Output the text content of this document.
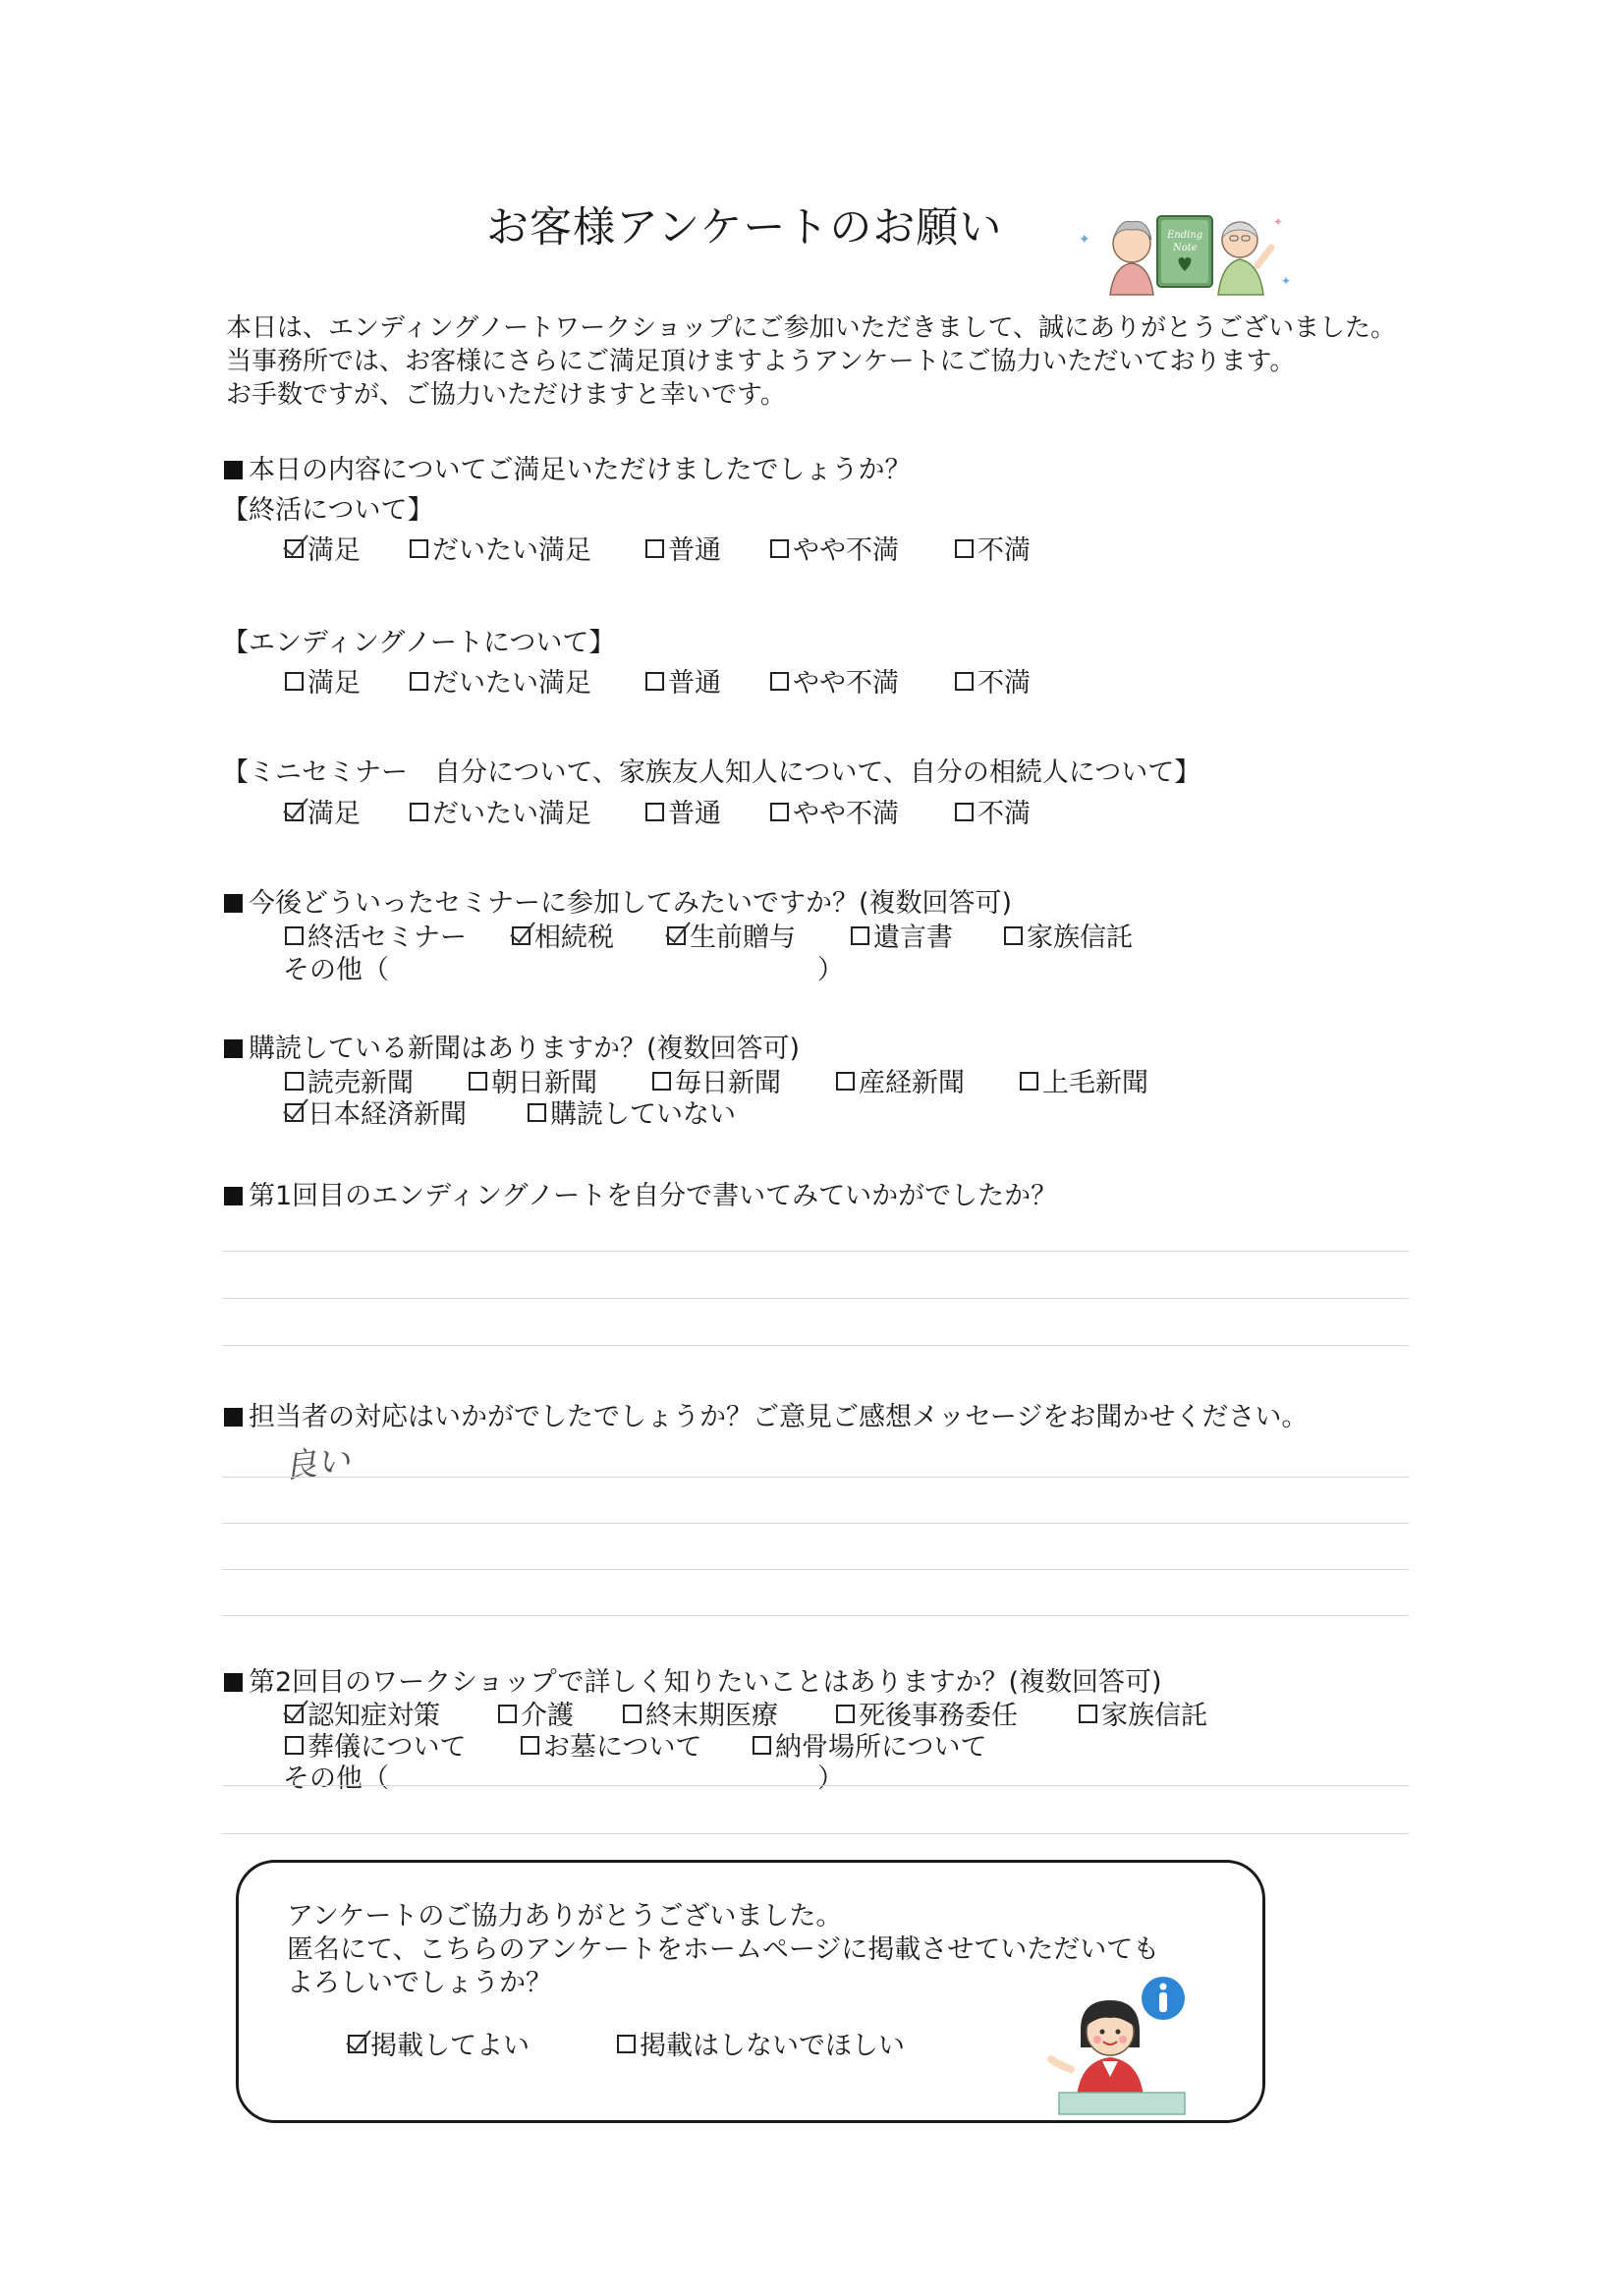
お客様アンケートのお願い	✦
✦
✦
Ending
Note
本日は、エンディングノートワークショップにご参加いただきまして、誠にありがとうございました。
当事務所では、お客様にさらにご満足頂けますようアンケートにご協力いただいております。
お手数ですが、ご協力いただけますと幸いです。
本日の内容についてご満足いただけましたでしょうか？
【終活について】
満足	だいたい満足	普通	やや不満	不満
【エンディングノートについて】
満足	だいたい満足	普通	やや不満	不満
【ミニセミナー　自分について、家族友人知人について、自分の相続人について】
満足	だいたい満足	普通	やや不満	不満
今後どういったセミナーに参加してみたいですか？(複数回答可)
終活セミナー	相続税	生前贈与	遺言書	家族信託
その他（	）
購読している新聞はありますか？(複数回答可)
読売新聞	朝日新聞	毎日新聞	産経新聞	上毛新聞
日本経済新聞	購読していない
第1回目のエンディングノートを自分で書いてみていかがでしたか？
担当者の対応はいかがでしたでしょうか？ご意見ご感想メッセージをお聞かせください。
良い
第2回目のワークショップで詳しく知りたいことはありますか？(複数回答可)
認知症対策	介護	終末期医療	死後事務委任	家族信託
葬儀について	お墓について	納骨場所について
その他（	）
アンケートのご協力ありがとうございました。
匿名にて、こちらのアンケートをホームページに掲載させていただいても
よろしいでしょうか？
掲載してよい	掲載はしないでほしい
